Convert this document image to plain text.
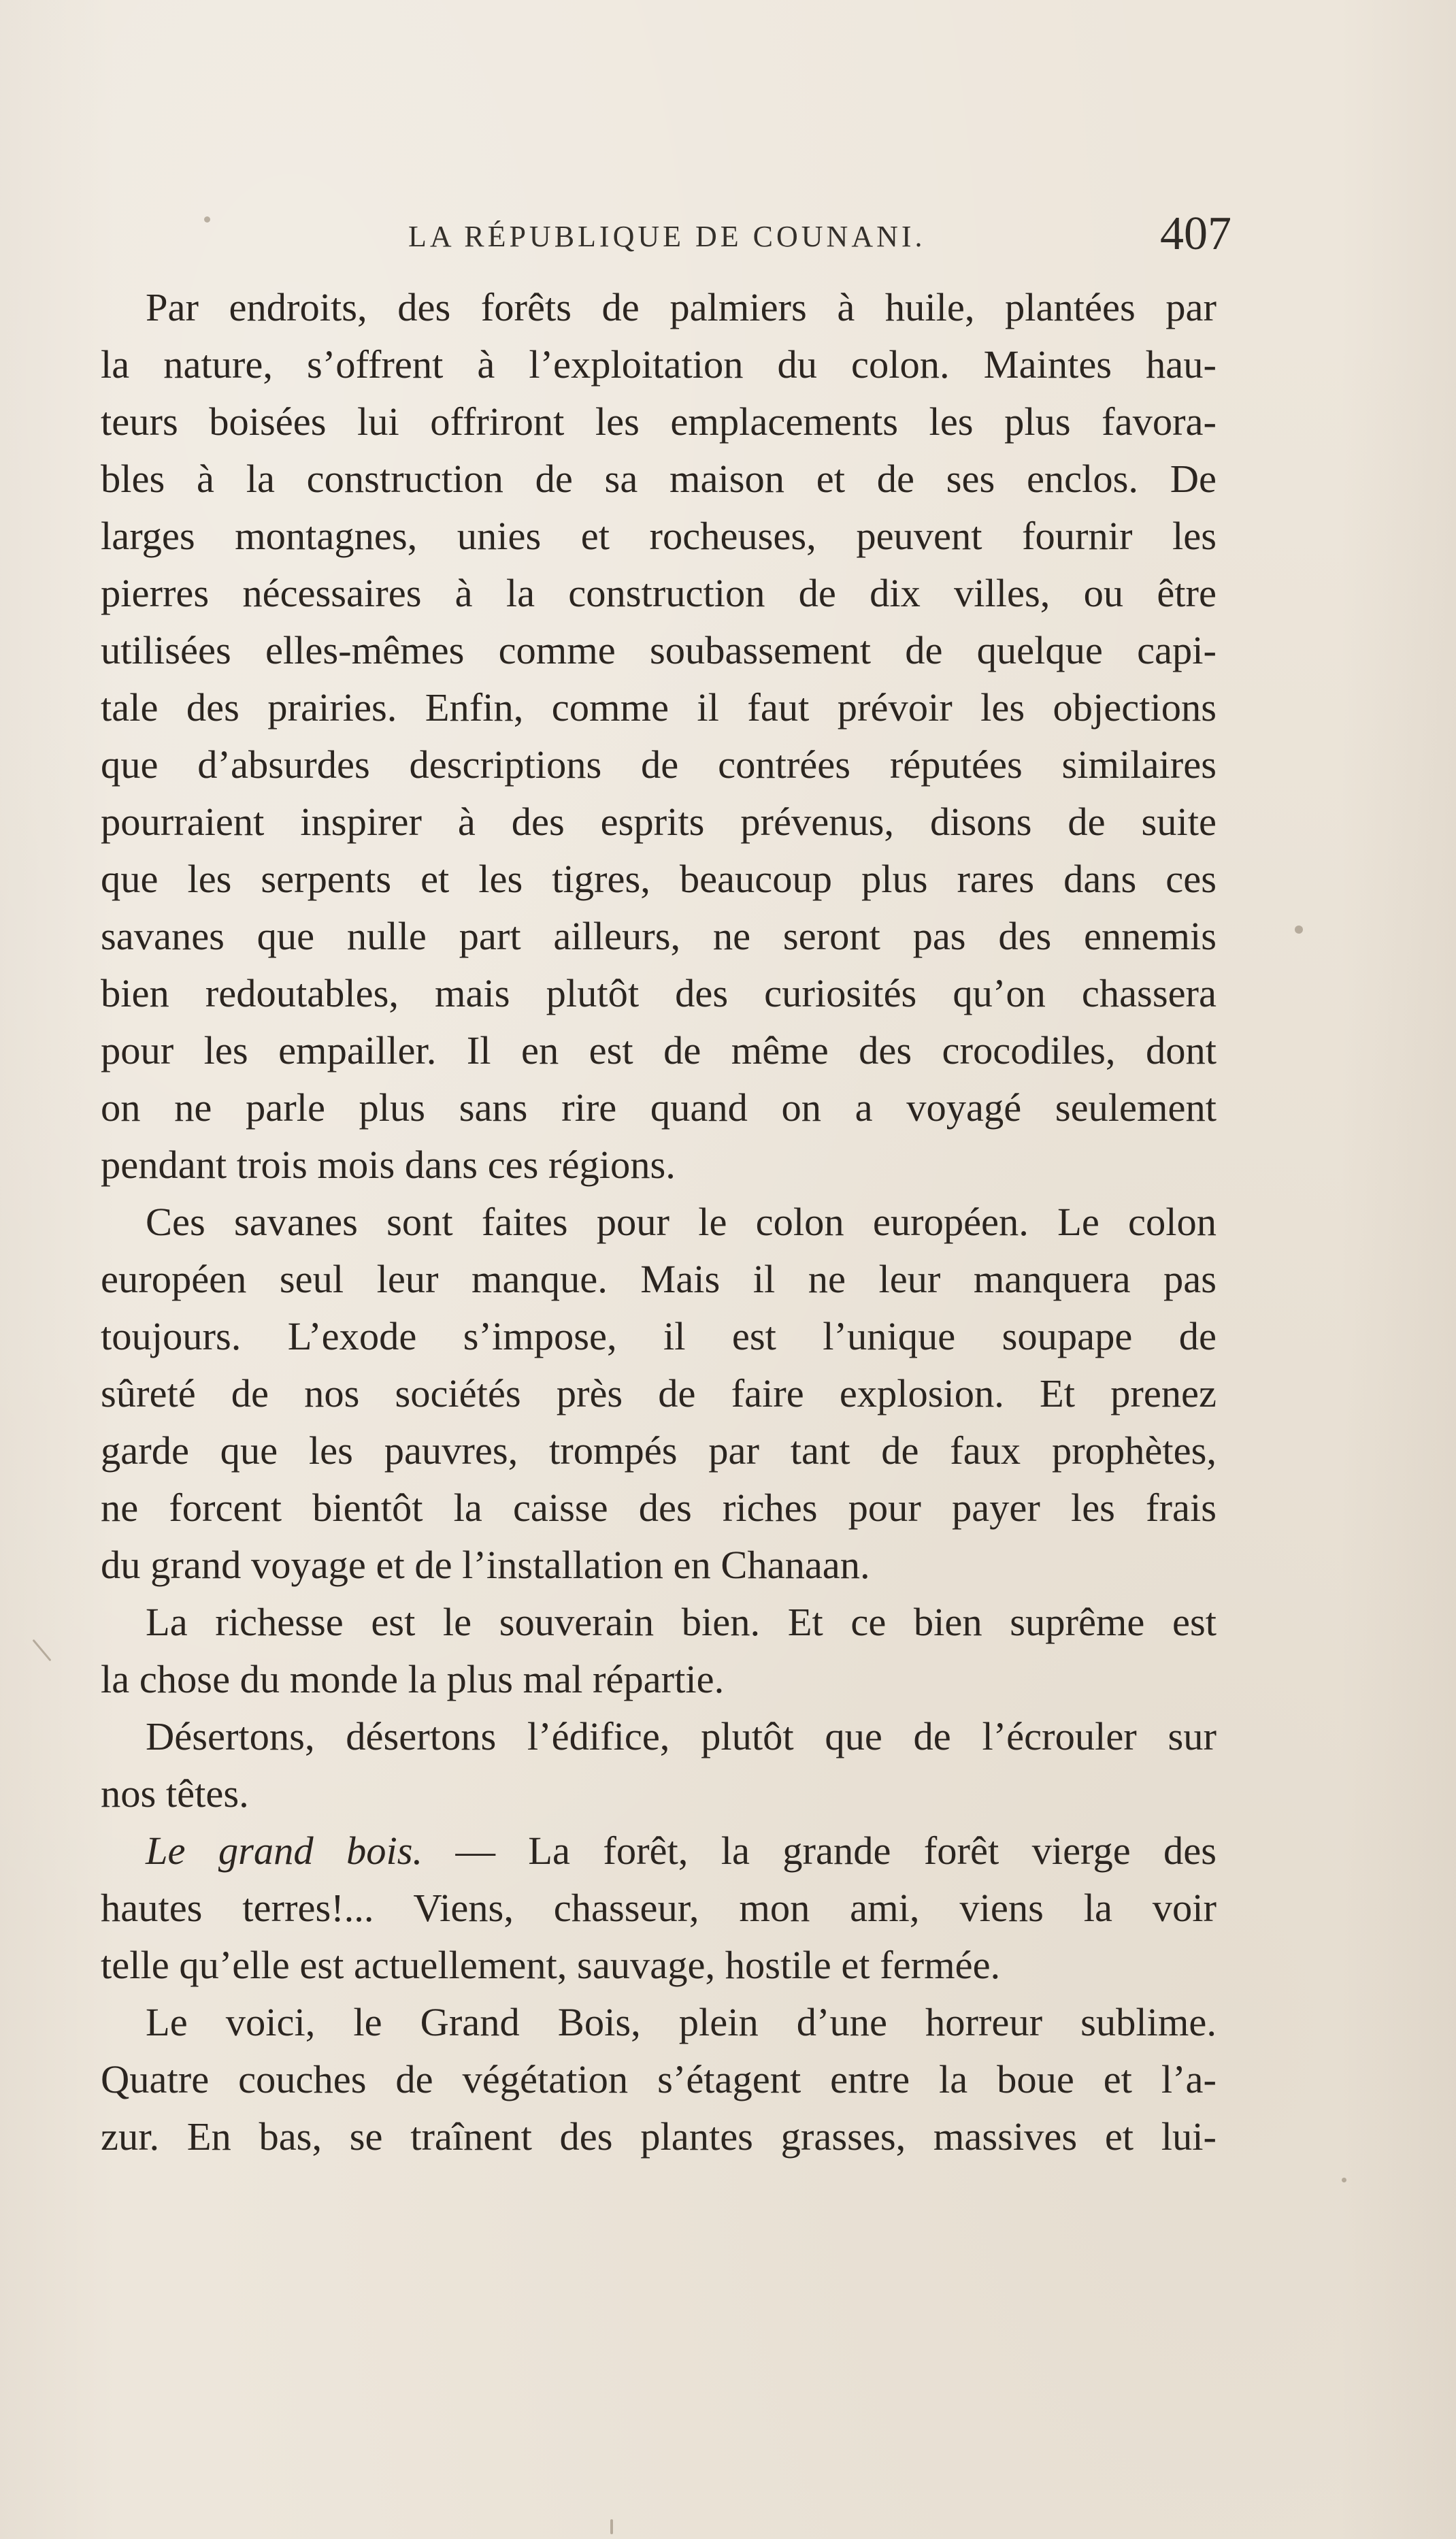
LA RÉPUBLIQUE DE COUNANI.	407
Par endroits, des forêts de palmiers à huile, plantées par
la nature, s’offrent à l’exploitation du colon. Maintes hau-
teurs boisées lui offriront les emplacements les plus favora-
bles à la construction de sa maison et de ses enclos. De
larges montagnes, unies et rocheuses, peuvent fournir les
pierres nécessaires à la construction de dix villes, ou être
utilisées elles-mêmes comme soubassement de quelque capi-
tale des prairies. Enfin, comme il faut prévoir les objections
que d’absurdes descriptions de contrées réputées similaires
pourraient inspirer à des esprits prévenus, disons de suite
que les serpents et les tigres, beaucoup plus rares dans ces
savanes que nulle part ailleurs, ne seront pas des ennemis
bien redoutables, mais plutôt des curiosités qu’on chassera
pour les empailler. Il en est de même des crocodiles, dont
on ne parle plus sans rire quand on a voyagé seulement
pendant trois mois dans ces régions.
Ces savanes sont faites pour le colon européen. Le colon
européen seul leur manque. Mais il ne leur manquera pas
toujours. L’exode s’impose, il est l’unique soupape de
sûreté de nos sociétés près de faire explosion. Et prenez
garde que les pauvres, trompés par tant de faux prophètes,
ne forcent bientôt la caisse des riches pour payer les frais
du grand voyage et de l’installation en Chanaan.
La richesse est le souverain bien. Et ce bien suprême est
la chose du monde la plus mal répartie.
Désertons, désertons l’édifice, plutôt que de l’écrouler sur
nos têtes.
Le grand bois. — La forêt, la grande forêt vierge des
hautes terres!... Viens, chasseur, mon ami, viens la voir
telle qu’elle est actuellement, sauvage, hostile et fermée.
Le voici, le Grand Bois, plein d’une horreur sublime.
Quatre couches de végétation s’étagent entre la boue et l’a-
zur. En bas, se traînent des plantes grasses, massives et lui-
